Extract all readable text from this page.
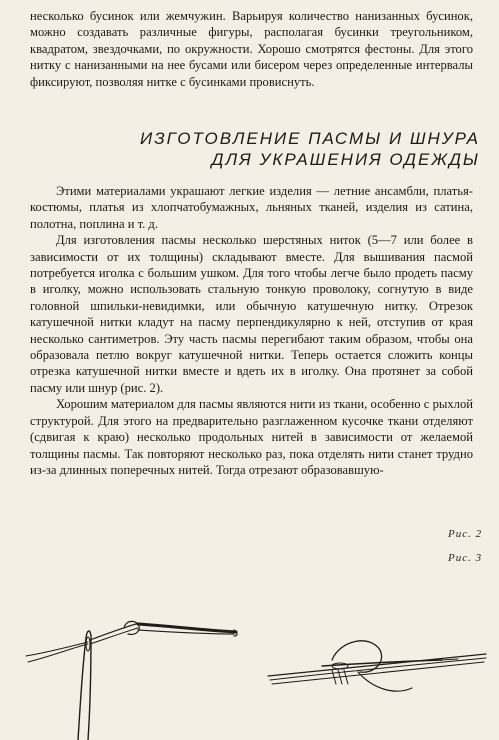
несколько бусинок или жемчужин. Варьируя количество нанизанных бусинок, можно создавать различные фигуры, располагая бусинки треугольником, квадратом, звездочками, по окружности. Хорошо смотрятся фестоны. Для этого нитку с нанизанными на нее бусами или бисером через определенные интервалы фиксируют, позволяя нитке с бусинками провиснуть.

ИЗГОТОВЛЕНИЕ ПАСМЫ И ШНУРА
ДЛЯ УКРАШЕНИЯ ОДЕЖДЫ

Этими материалами украшают легкие изделия — летние ансамбли, платья-костюмы, платья из хлопчатобумажных, льняных тканей, изделия из сатина, полотна, поплина и т. д.

Для изготовления пасмы несколько шерстяных ниток (5—7 или более в зависимости от их толщины) складывают вместе. Для вышивания пасмой потребуется иголка с большим ушком. Для того чтобы легче было продеть пасму в иголку, можно использовать стальную тонкую проволоку, согнутую в виде головной шпильки-невидимки, или обычную катушечную нитку. Отрезок катушечной нитки кладут на пасму перпендикулярно к ней, отступив от края несколько сантиметров. Эту часть пасмы перегибают таким образом, чтобы она образовала петлю вокруг катушечной нитки. Теперь остается сложить концы отрезка катушечной нитки вместе и вдеть их в иголку. Она протянет за собой пасму или шнур (рис. 2).

Хорошим материалом для пасмы являются нити из ткани, особенно с рыхлой структурой. Для этого на предварительно разглаженном кусочке ткани отделяют (сдвигая к краю) несколько продольных нитей в зависимости от желаемой толщины пасмы. Так повторяют несколько раз, пока отделять нити станет трудно из-за длинных поперечных нитей. Тогда отрезают образовавшую-

Рис. 2
Рис. 3
